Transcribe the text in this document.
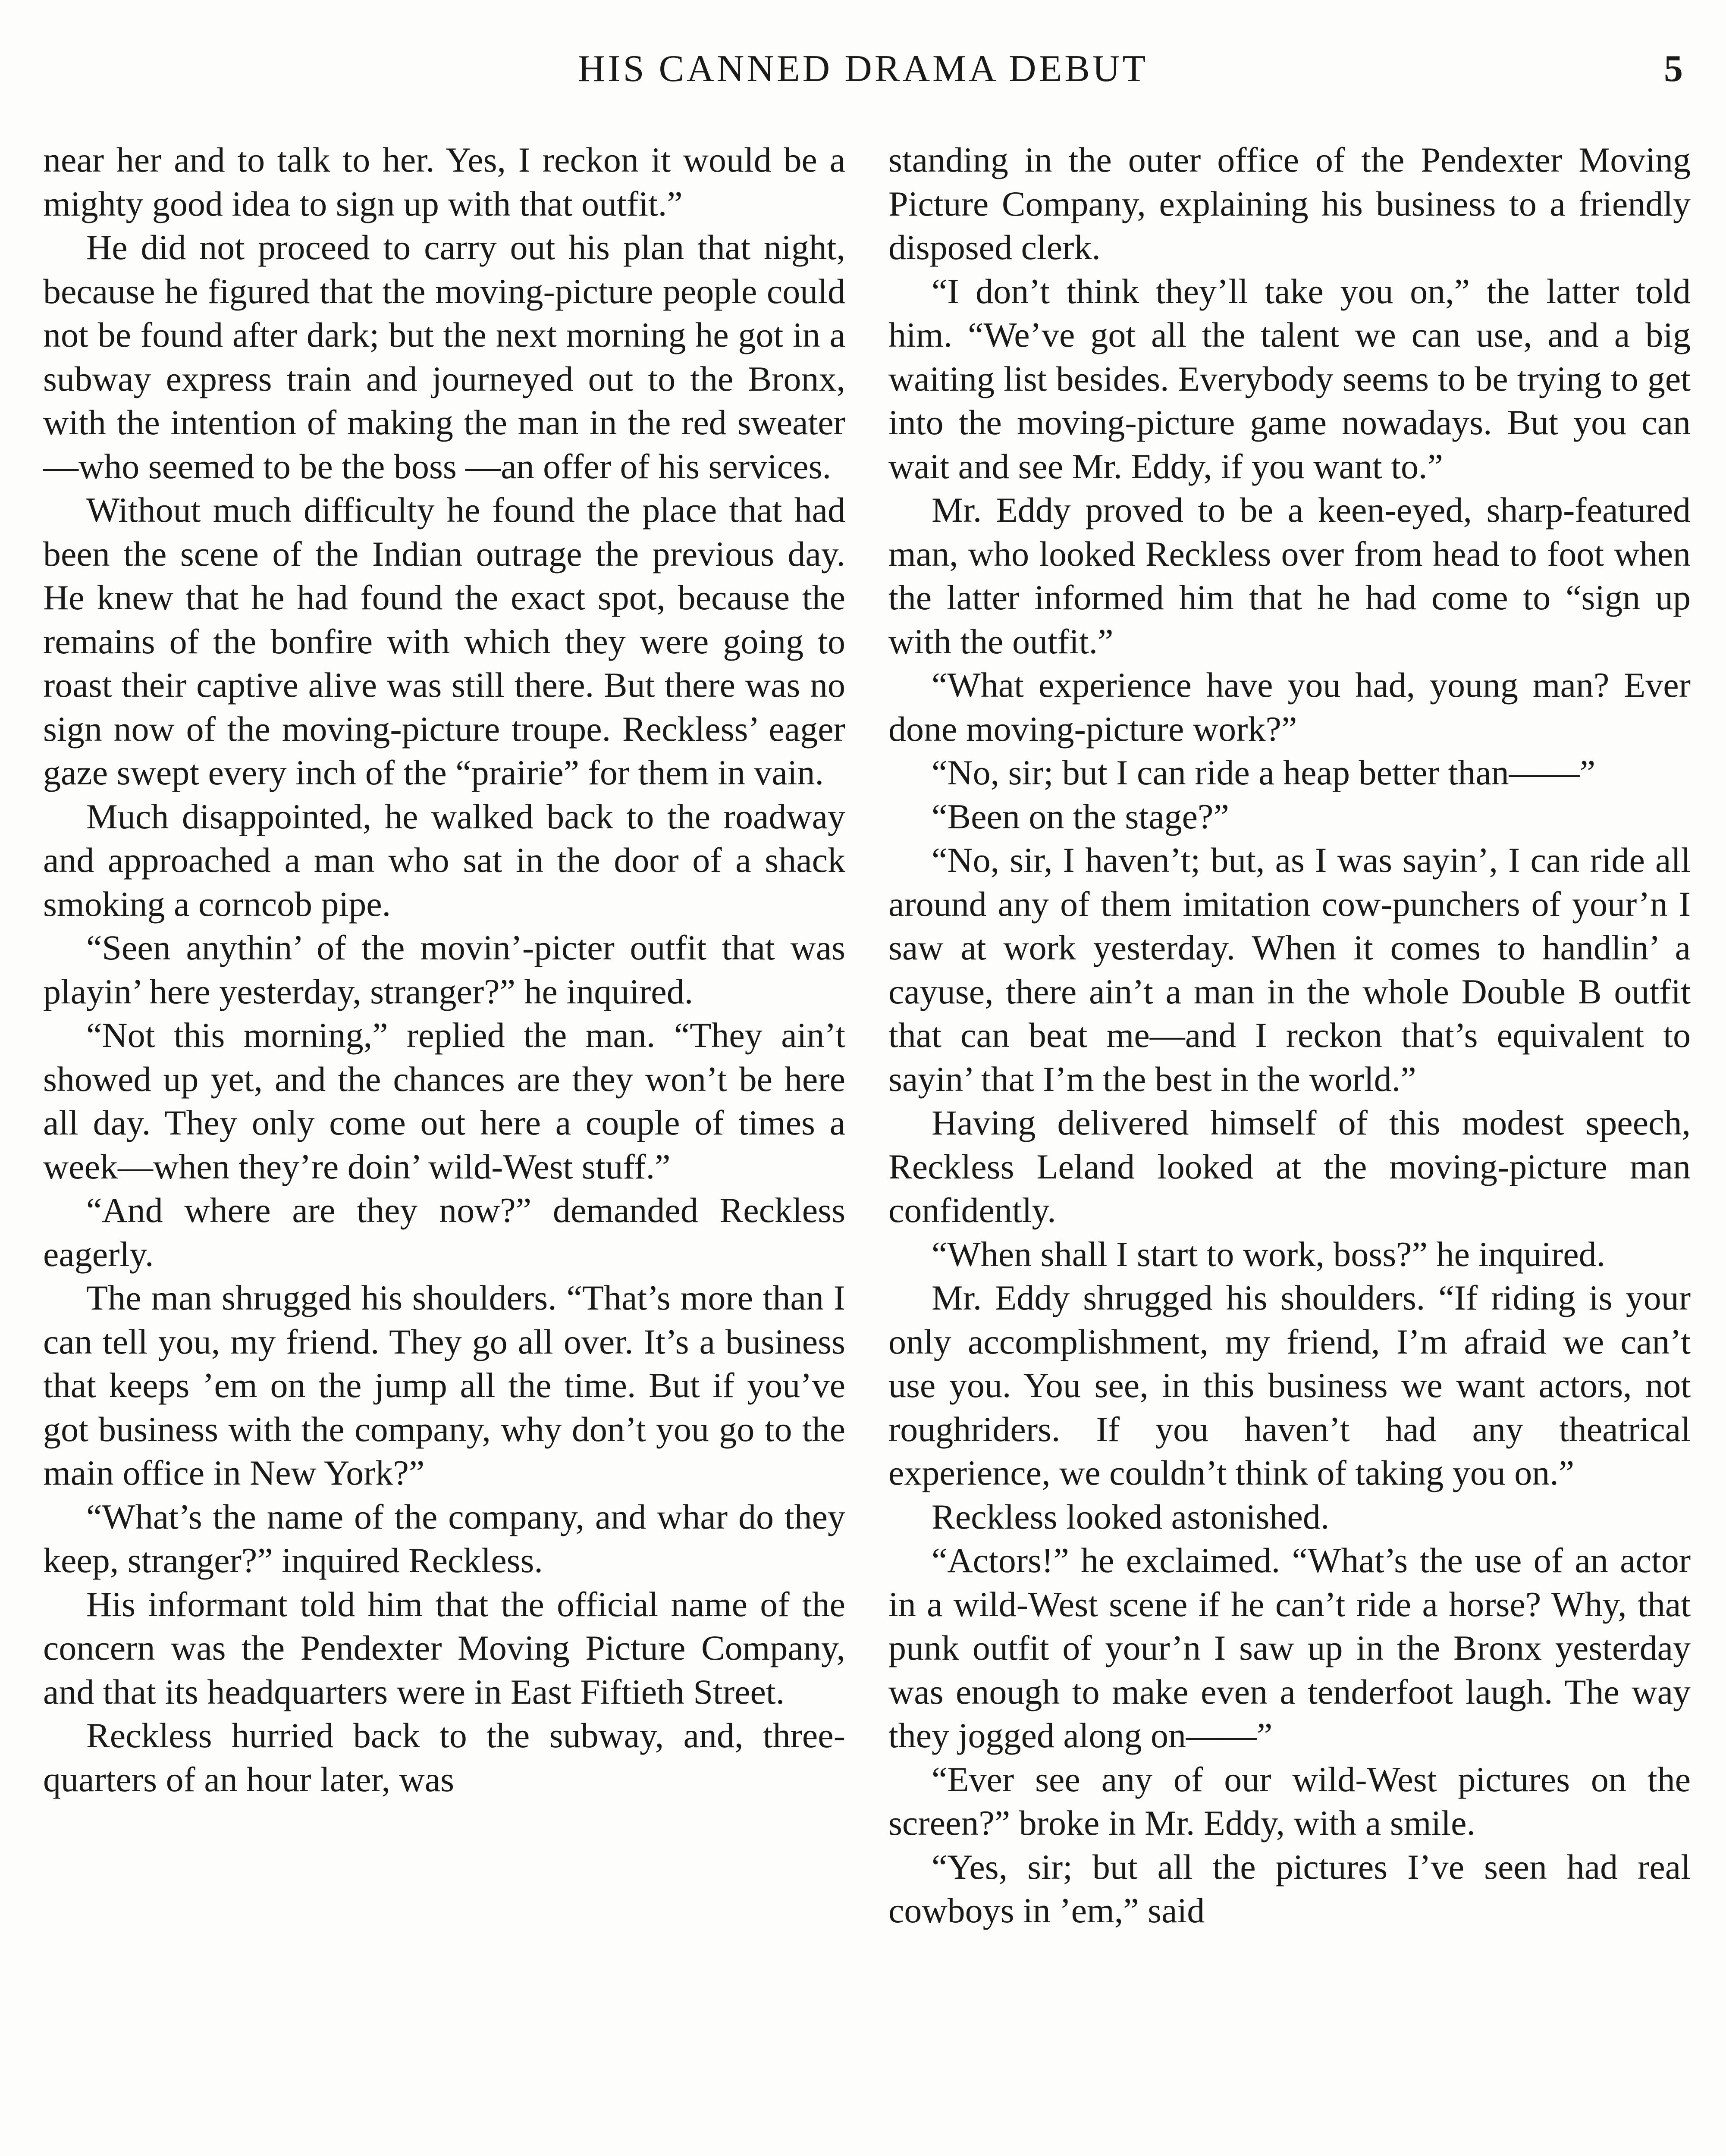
HIS CANNED DRAMA DEBUT	5

near her and to talk to her. Yes, I reckon it would be a mighty good idea to sign up with that outfit.”

He did not proceed to carry out his plan that night, because he figured that the moving-picture people could not be found after dark; but the next morning he got in a subway express train and journeyed out to the Bronx, with the intention of making the man in the red sweater—who seemed to be the boss —an offer of his services.

Without much difficulty he found the place that had been the scene of the Indian outrage the previous day. He knew that he had found the exact spot, because the remains of the bonfire with which they were going to roast their captive alive was still there. But there was no sign now of the moving-picture troupe. Reckless’ eager gaze swept every inch of the “prairie” for them in vain.

Much disappointed, he walked back to the roadway and approached a man who sat in the door of a shack smoking a corncob pipe.

“Seen anythin’ of the movin’-picter outfit that was playin’ here yesterday, stranger?” he inquired.

“Not this morning,” replied the man. “They ain’t showed up yet, and the chances are they won’t be here all day. They only come out here a couple of times a week—when they’re doin’ wild-West stuff.”

“And where are they now?” demanded Reckless eagerly.

The man shrugged his shoulders. “That’s more than I can tell you, my friend. They go all over. It’s a business that keeps ’em on the jump all the time. But if you’ve got business with the company, why don’t you go to the main office in New York?”

“What’s the name of the company, and whar do they keep, stranger?” inquired Reckless.

His informant told him that the official name of the concern was the Pendexter Moving Picture Company, and that its headquarters were in East Fiftieth Street.

Reckless hurried back to the subway, and, three-quarters of an hour later, was

standing in the outer office of the Pendexter Moving Picture Company, explaining his business to a friendly disposed clerk.

“I don’t think they’ll take you on,” the latter told him. “We’ve got all the talent we can use, and a big waiting list besides. Everybody seems to be trying to get into the moving-picture game nowadays. But you can wait and see Mr. Eddy, if you want to.”

Mr. Eddy proved to be a keen-eyed, sharp-featured man, who looked Reckless over from head to foot when the latter informed him that he had come to “sign up with the outfit.”

“What experience have you had, young man? Ever done moving-picture work?”

“No, sir; but I can ride a heap better than——”

“Been on the stage?”

“No, sir, I haven’t; but, as I was sayin’, I can ride all around any of them imitation cow-punchers of your’n I saw at work yesterday. When it comes to handlin’ a cayuse, there ain’t a man in the whole Double B outfit that can beat me—and I reckon that’s equivalent to sayin’ that I’m the best in the world.”

Having delivered himself of this modest speech, Reckless Leland looked at the moving-picture man confidently.

“When shall I start to work, boss?” he inquired.

Mr. Eddy shrugged his shoulders. “If riding is your only accomplishment, my friend, I’m afraid we can’t use you. You see, in this business we want actors, not roughriders. If you haven’t had any theatrical experience, we couldn’t think of taking you on.”

Reckless looked astonished.

“Actors!” he exclaimed. “What’s the use of an actor in a wild-West scene if he can’t ride a horse? Why, that punk outfit of your’n I saw up in the Bronx yesterday was enough to make even a tenderfoot laugh. The way they jogged along on——”

“Ever see any of our wild-West pictures on the screen?” broke in Mr. Eddy, with a smile.

“Yes, sir; but all the pictures I’ve seen had real cowboys in ’em,” said
